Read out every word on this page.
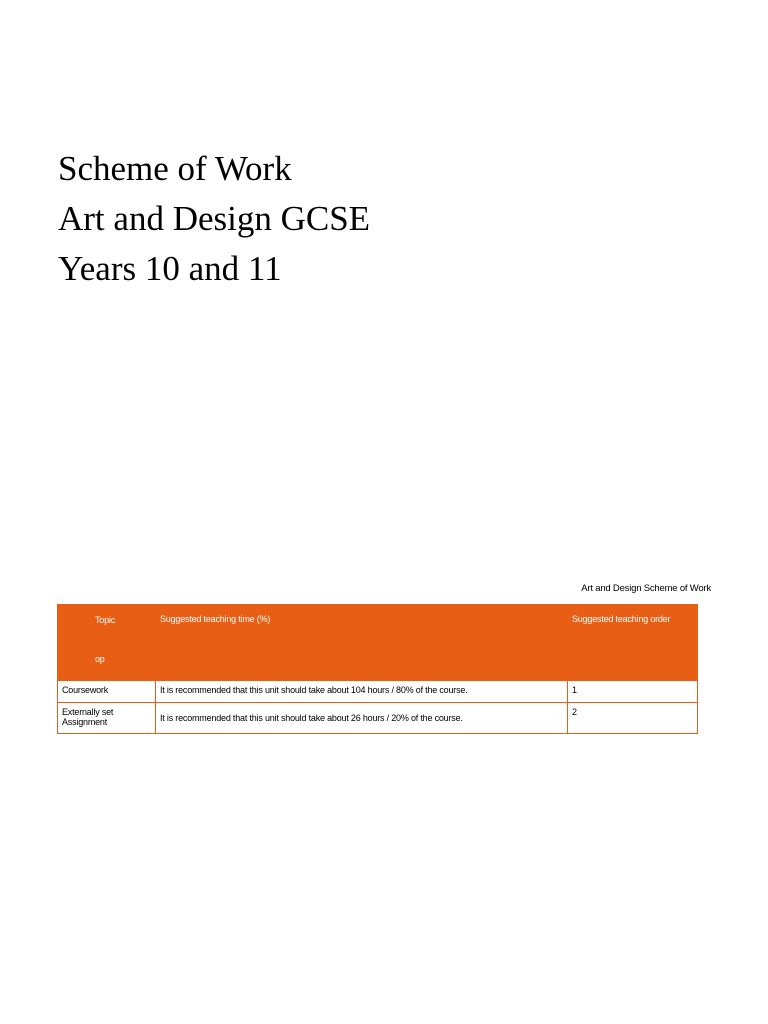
Scheme of Work
Art and Design GCSE
Years 10 and 11
Art and Design Scheme of Work
Topic
op	Suggested teaching time (%)	Suggested teaching order
Coursework	It is recommended that this unit should take about 104 hours / 80% of the course.	1
Externally set Assignment	It is recommended that this unit should take about 26 hours / 20% of the course.	2
